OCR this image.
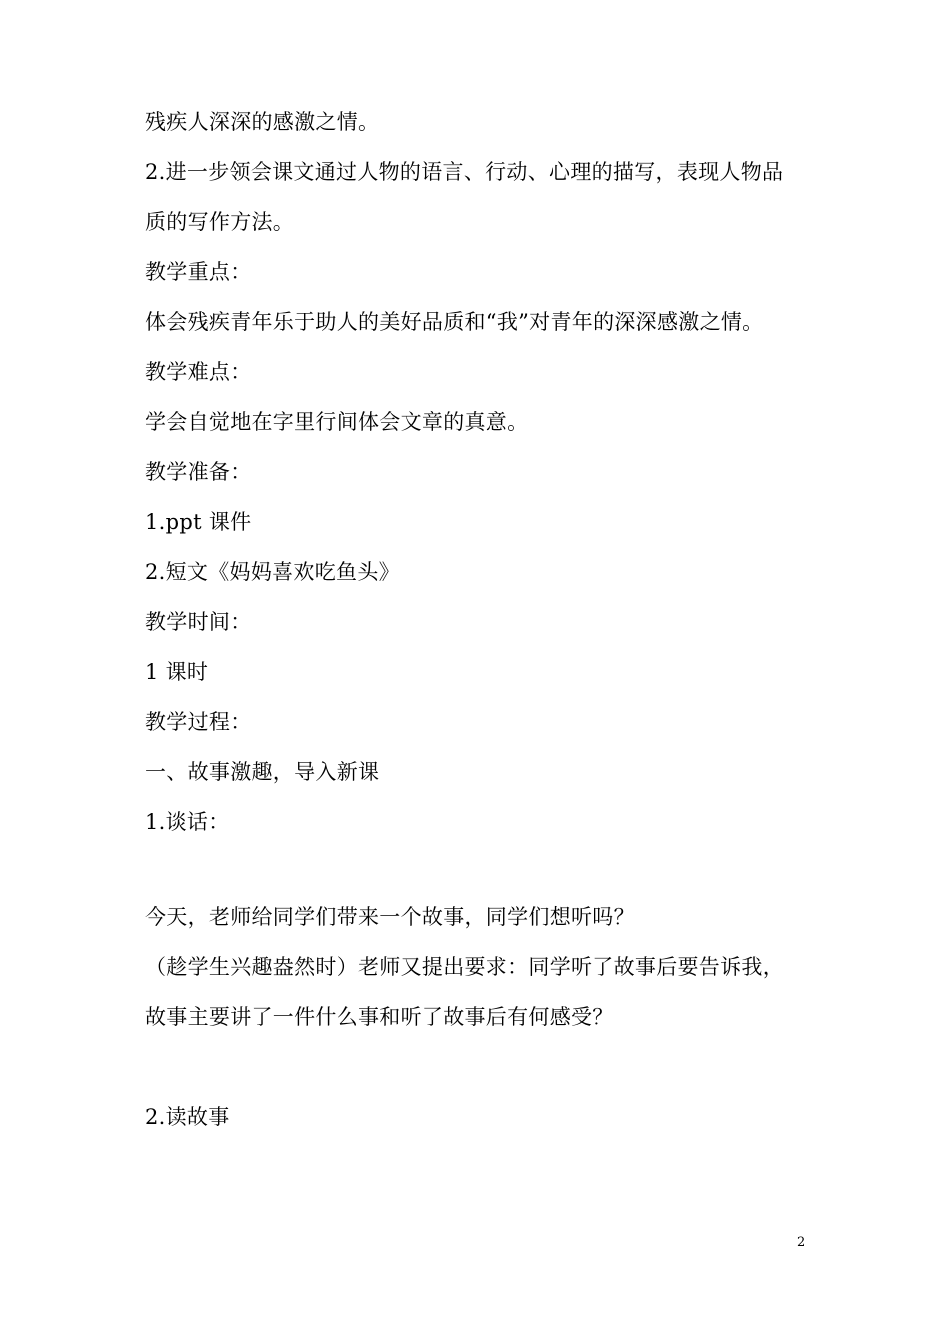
残疾人深深的感激之情。
2.进一步领会课文通过人物的语言、行动、心理的描写，表现人物品
质的写作方法。
教学重点：
体会残疾青年乐于助人的美好品质和“我”对青年的深深感激之情。
教学难点：
学会自觉地在字里行间体会文章的真意。
教学准备：
1.ppt 课件
2.短文《妈妈喜欢吃鱼头》
教学时间：
1 课时
教学过程：
一、故事激趣，导入新课
1.谈话：
今天，老师给同学们带来一个故事，同学们想听吗？
（趁学生兴趣盎然时）老师又提出要求：同学听了故事后要告诉我，
故事主要讲了一件什么事和听了故事后有何感受？
2.读故事
2
